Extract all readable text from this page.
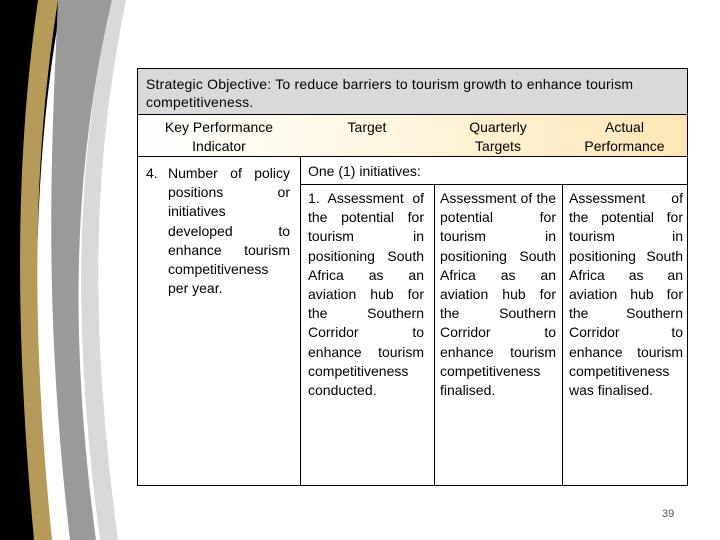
Strategic Objective: To reduce barriers to tourism growth to enhance tourism competitiveness.
Key Performance
Indicator
Target	Quarterly
Targets
Actual
Performance
4. Number of policy positions or initiatives developed to enhance tourism competitiveness per year.
One (1) initiatives:
1. Assessment of the potential for tourism in positioning South Africa as an aviation hub for the Southern Corridor to enhance tourism competitiveness conducted.
Assessment of the potential for tourism in positioning South Africa as an aviation hub for the Southern Corridor to enhance tourism competitiveness finalised.
Assessment of the potential for tourism in positioning South Africa as an aviation hub for the Southern Corridor to enhance tourism competitiveness was finalised.
39
